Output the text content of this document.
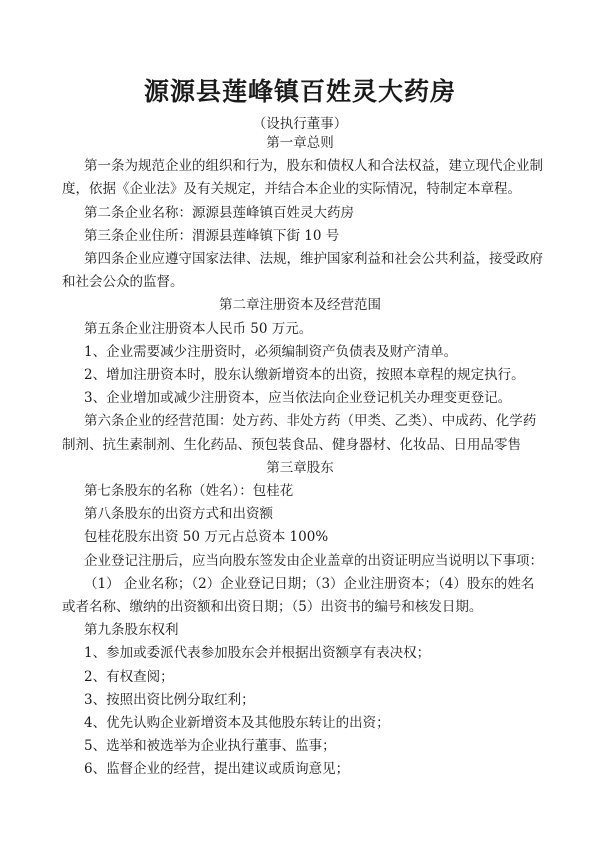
源源县莲峰镇百姓灵大药房
（设执行董事）
第一章总则
第一条为规范企业的组织和行为，股东和债权人和合法权益，建立现代企业制
度，依据《企业法》及有关规定，并结合本企业的实际情况，特制定本章程。
第二条企业名称：源源县莲峰镇百姓灵大药房
第三条企业住所：渭源县莲峰镇下街 10 号
第四条企业应遵守国家法律、法规，维护国家利益和社会公共利益，接受政府
和社会公众的监督。
第二章注册资本及经营范围
第五条企业注册资本人民币 50 万元。
1、企业需要减少注册资时，必须编制资产负债表及财产清单。
2、增加注册资本时，股东认缴新增资本的出资，按照本章程的规定执行。
3、企业增加或减少注册资本，应当依法向企业登记机关办理变更登记。
第六条企业的经营范围：处方药、非处方药（甲类、乙类）、中成药、化学药
制剂、抗生素制剂、生化药品、预包装食品、健身器材、化妆品、日用品零售
第三章股东
第七条股东的名称（姓名）：包桂花
第八条股东的出资方式和出资额
包桂花股东出资 50 万元占总资本 100%
企业登记注册后，应当向股东签发由企业盖章的出资证明应当说明以下事项：
（1） 企业名称；（2）企业登记日期；（3）企业注册资本；（4）股东的姓名
或者名称、缴纳的出资额和出资日期；（5）出资书的编号和核发日期。
第九条股东权利
1、参加或委派代表参加股东会并根据出资额享有表决权；
2、有权查阅；
3、按照出资比例分取红利；
4、优先认购企业新增资本及其他股东转让的出资；
5、选举和被选举为企业执行董事、监事；
6、监督企业的经营，提出建议或质询意见；
